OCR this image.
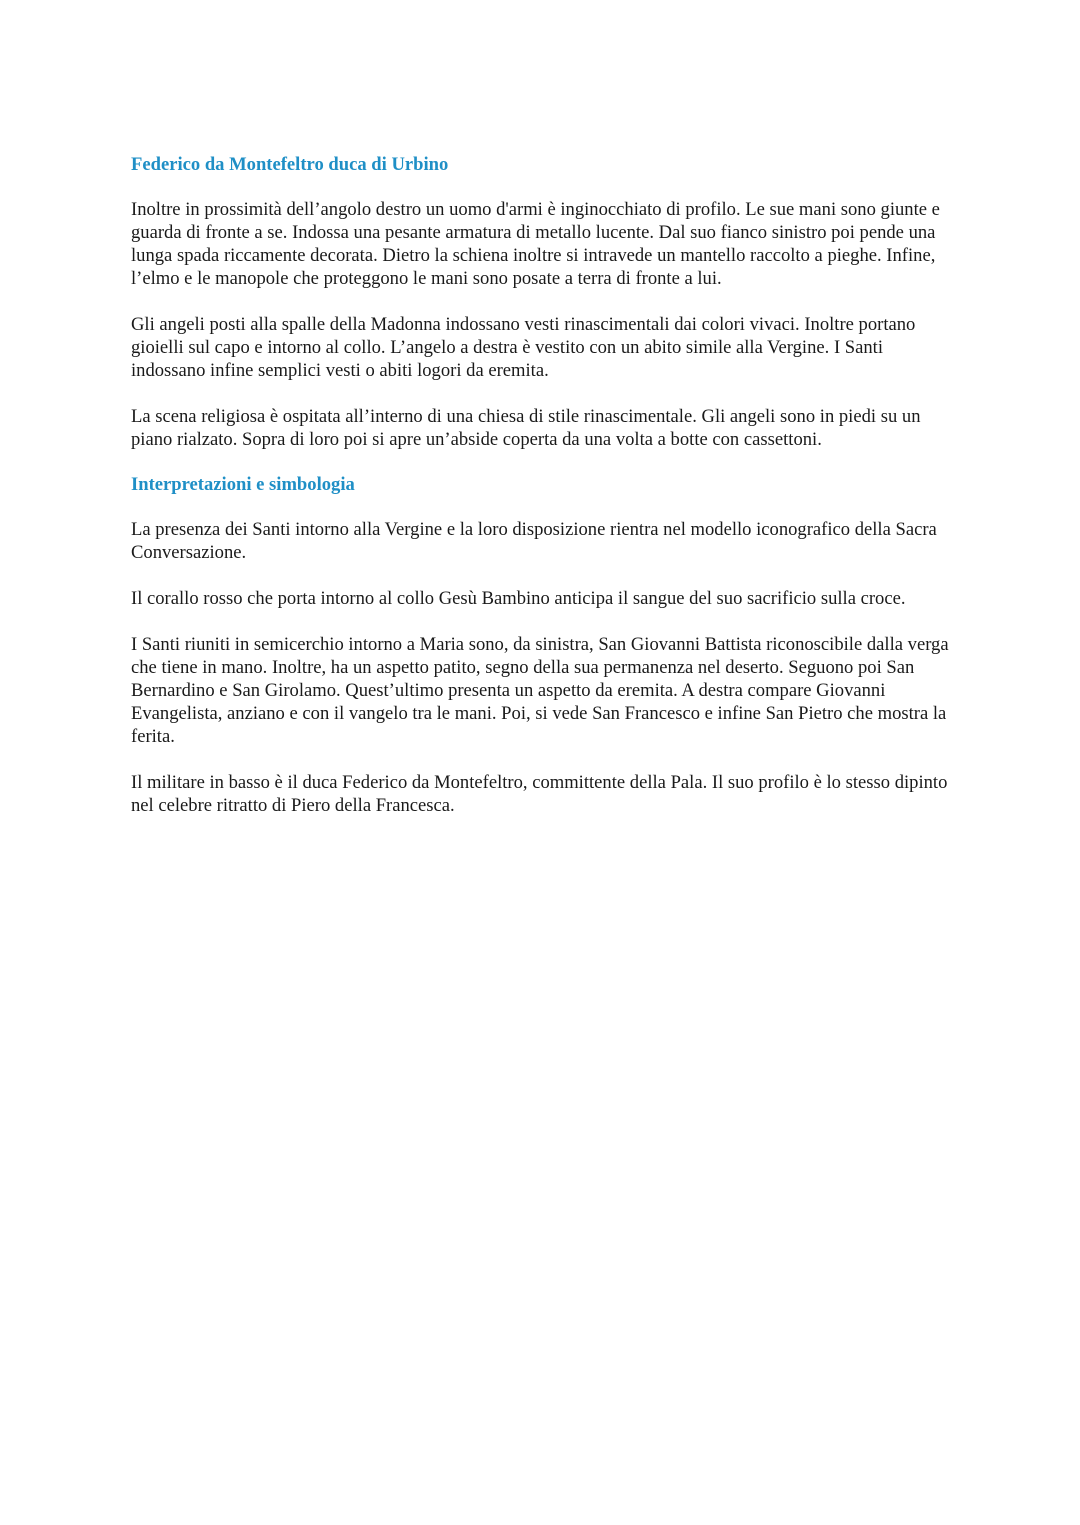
Federico da Montefeltro duca di Urbino

Inoltre in prossimità dell’angolo destro un uomo d'armi è inginocchiato di profilo. Le sue mani sono giunte e guarda di fronte a se. Indossa una pesante armatura di metallo lucente. Dal suo fianco sinistro poi pende una lunga spada riccamente decorata. Dietro la schiena inoltre si intravede un mantello raccolto a pieghe. Infine, l’elmo e le manopole che proteggono le mani sono posate a terra di fronte a lui.

Gli angeli posti alla spalle della Madonna indossano vesti rinascimentali dai colori vivaci. Inoltre portano gioielli sul capo e intorno al collo. L’angelo a destra è vestito con un abito simile alla Vergine. I Santi indossano infine semplici vesti o abiti logori da eremita.

La scena religiosa è ospitata all’interno di una chiesa di stile rinascimentale. Gli angeli sono in piedi su un piano rialzato. Sopra di loro poi si apre un’abside coperta da una volta a botte con cassettoni.

Interpretazioni e simbologia

La presenza dei Santi intorno alla Vergine e la loro disposizione rientra nel modello iconografico della Sacra Conversazione.

Il corallo rosso che porta intorno al collo Gesù Bambino anticipa il sangue del suo sacrificio sulla croce.

I Santi riuniti in semicerchio intorno a Maria sono, da sinistra, San Giovanni Battista riconoscibile dalla verga che tiene in mano. Inoltre, ha un aspetto patito, segno della sua permanenza nel deserto. Seguono poi San Bernardino e San Girolamo. Quest’ultimo presenta un aspetto da eremita. A destra compare Giovanni Evangelista, anziano e con il vangelo tra le mani. Poi, si vede San Francesco e infine San Pietro che mostra la ferita.

Il militare in basso è il duca Federico da Montefeltro, committente della Pala. Il suo profilo è lo stesso dipinto nel celebre ritratto di Piero della Francesca.
